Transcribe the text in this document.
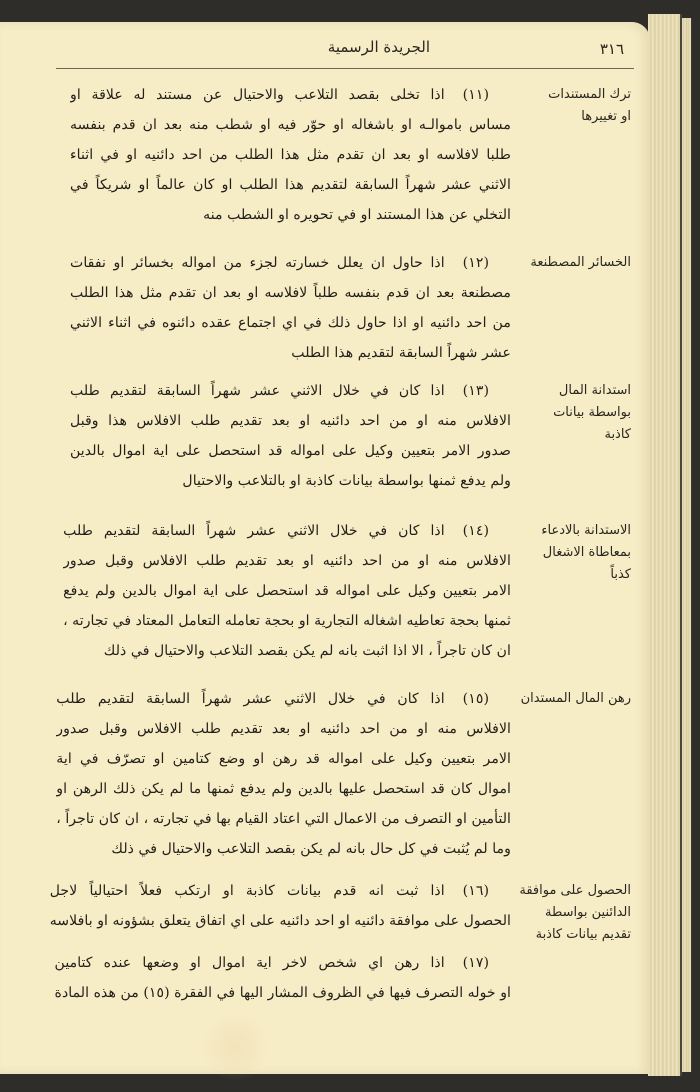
٣١٦
الجريدة الرسمية
ترك المستندات
او تغييرها
(١١)اذا تخلى بقصد التلاعب والاحتيال عن مستند له علاقة او
مساس باموالـه او باشغاله او حوّر فيه او شطب منه بعد ان قدم بنفسه
طلبا لافلاسه او بعد ان تقدم مثل هذا الطلب من احد دائنيه او في اثناء
الاثني عشر شهراً السابقة لتقديم هذا الطلب او كان عالماً او شريكاً في
التخلي عن هذا المستند او في تحويره او الشطب منه
الخسائر المصطنعة
(١٢)اذا حاول ان يعلل خسارته لجزء من امواله بخسائر او نفقات
مصطنعة بعد ان قدم بنفسه طلباً لافلاسه او بعد ان تقدم مثل هذا الطلب
من احد دائنيه او اذا حاول ذلك في اي اجتماع عقده دائنوه في اثناء الاثني
عشر شهراً السابقة لتقديم هذا الطلب
استدانة المال
بواسطة بيانات
كاذبة
(١٣)اذا كان في خلال الاثني عشر شهراً السابقة لتقديم طلب
الافلاس منه او من احد دائنيه او بعد تقديم طلب الافلاس هذا وقبل
صدور الامر بتعيين وكيل على امواله قد استحصل على اية اموال بالدين
ولم يدفع ثمنها بواسطة بيانات كاذبة او بالتلاعب والاحتيال
الاستدانة بالادعاء
بمعاطاة الاشغال
كذباً
(١٤)اذا كان في خلال الاثني عشر شهراً السابقة لتقديم طلب
الافلاس منه او من احد دائنيه او بعد تقديم طلب الافلاس وقبل صدور
الامر بتعيين وكيل على امواله قد استحصل على اية اموال بالدين ولم يدفع
ثمنها بحجة تعاطيه اشغاله التجارية او بحجة تعامله التعامل المعتاد في تجارته ،
ان كان تاجراً ، الا اذا اثبت بانه لم يكن بقصد التلاعب والاحتيال في ذلك
رهن المال المستدان
(١٥)اذا كان في خلال الاثني عشر شهراً السابقة لتقديم طلب
الافلاس منه او من احد دائنيه او بعد تقديم طلب الافلاس وقبل صدور
الامر بتعيين وكيل على امواله قد رهن او وضع كتامين او تصرّف في اية
اموال كان قد استحصل عليها بالدين ولم يدفع ثمنها ما لم يكن ذلك الرهن او
التأمين او التصرف من الاعمال التي اعتاد القيام بها في تجارته ، ان كان تاجراً ،
وما لم يُثبت في كل حال بانه لم يكن بقصد التلاعب والاحتيال في ذلك
الحصول على موافقة
الدائنين بواسطة
تقديم بيانات كاذبة
(١٦)اذا ثبت انه قدم بيانات كاذبة او ارتكب فعلاً احتيالياً لاجل
الحصول على موافقة دائنيه او احد دائنيه على اي اتفاق يتعلق بشؤونه او بافلاسه
(١٧)اذا رهن اي شخص لاخر اية اموال او وضعها عنده كتامين
او خوله التصرف فيها في الظروف المشار اليها في الفقرة (١٥) من هذه المادة
